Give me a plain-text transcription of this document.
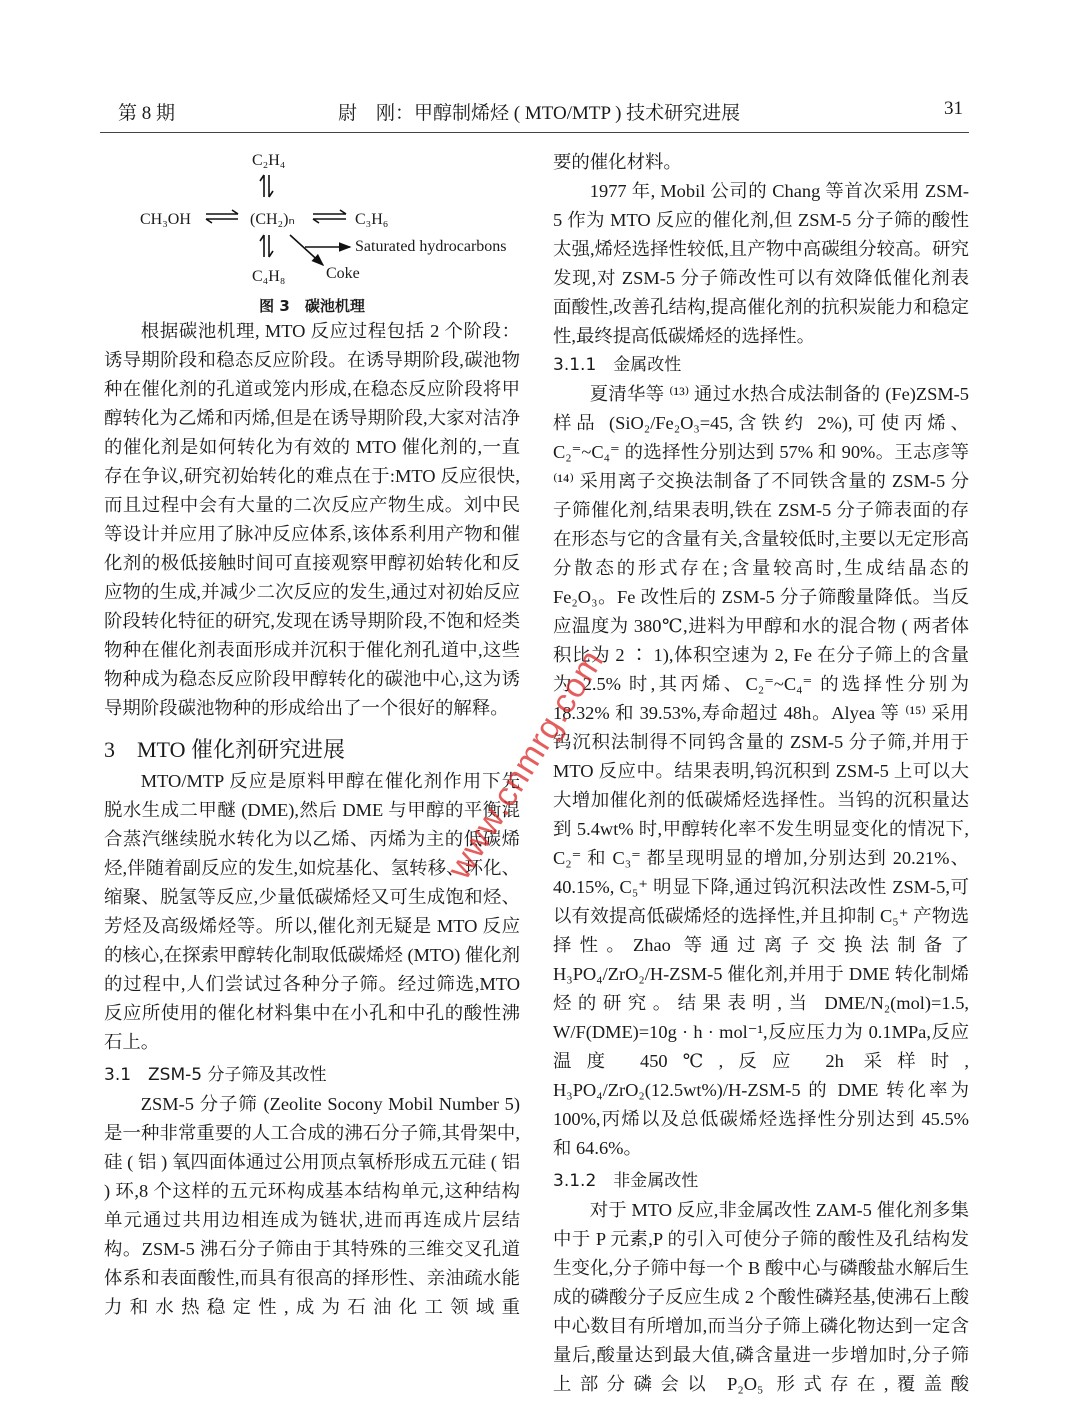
第 8 期	尉　刚：甲醇制烯烃 ( MTO/MTP ) 技术研究进展	31
C₂H₄
CH₃OH	(CH₂)ₙ	C₃H₆
Saturated hydrocarbons
C₄H₈	Coke
图 3　碳池机理

根据碳池机理, MTO 反应过程包括 2 个阶段：诱导期阶段和稳态反应阶段。在诱导期阶段,碳池物种在催化剂的孔道或笼内形成,在稳态反应阶段将甲醇转化为乙烯和丙烯,但是在诱导期阶段,大家对洁净的催化剂是如何转化为有效的 MTO 催化剂的,一直存在争议,研究初始转化的难点在于:MTO 反应很快,而且过程中会有大量的二次反应产物生成。刘中民等设计并应用了脉冲反应体系,该体系利用产物和催化剂的极低接触时间可直接观察甲醇初始转化和反应物的生成,并减少二次反应的发生,通过对初始反应阶段转化特征的研究,发现在诱导期阶段,不饱和烃类物种在催化剂表面形成并沉积于催化剂孔道中,这些物种成为稳态反应阶段甲醇转化的碳池中心,这为诱导期阶段碳池物种的形成给出了一个很好的解释。

3　MTO 催化剂研究进展

MTO/MTP 反应是原料甲醇在催化剂作用下先脱水生成二甲醚 (DME),然后 DME 与甲醇的平衡混合蒸汽继续脱水转化为以乙烯、丙烯为主的低碳烯烃,伴随着副反应的发生,如烷基化、氢转移、环化、缩聚、脱氢等反应,少量低碳烯烃又可生成饱和烃、芳烃及高级烯烃等。所以,催化剂无疑是 MTO 反应的核心,在探索甲醇转化制取低碳烯烃 (MTO) 催化剂的过程中,人们尝试过各种分子筛。经过筛选,MTO 反应所使用的催化材料集中在小孔和中孔的酸性沸石上。

3.1　ZSM-5 分子筛及其改性

ZSM-5 分子筛 (Zeolite Socony Mobil Number 5) 是一种非常重要的人工合成的沸石分子筛,其骨架中,硅 ( 铝 ) 氧四面体通过公用顶点氧桥形成五元硅 ( 铝 ) 环,8 个这样的五元环构成基本结构单元,这种结构单元通过共用边相连成为链状,进而再连成片层结构。ZSM-5 沸石分子筛由于其特殊的三维交叉孔道体系和表面酸性,而具有很高的择形性、亲油疏水能力和水热稳定性,成为石油化工领域重

要的催化材料。

1977 年, Mobil 公司的 Chang 等首次采用 ZSM-5 作为 MTO 反应的催化剂,但 ZSM-5 分子筛的酸性太强,烯烃选择性较低,且产物中高碳组分较高。研究发现,对 ZSM-5 分子筛改性可以有效降低催化剂表面酸性,改善孔结构,提高催化剂的抗积炭能力和稳定性,最终提高低碳烯烃的选择性。

3.1.1　金属改性

夏清华等 ⁽¹³⁾ 通过水热合成法制备的 (Fe)ZSM-5 样品 (SiO₂/Fe₂O₃=45,含铁约 2%),可使丙烯、C₂⁼~C₄⁼ 的选择性分别达到 57% 和 90%。王志彦等 ⁽¹⁴⁾ 采用离子交换法制备了不同铁含量的 ZSM-5 分子筛催化剂,结果表明,铁在 ZSM-5 分子筛表面的存在形态与它的含量有关,含量较低时,主要以无定形高分散态的形式存在;含量较高时,生成结晶态的 Fe₂O₃。Fe 改性后的 ZSM-5 分子筛酸量降低。当反应温度为 380℃,进料为甲醇和水的混合物 ( 两者体积比为 2 ∶ 1),体积空速为 2, Fe 在分子筛上的含量为 2.5% 时,其丙烯、C₂⁼~C₄⁼ 的选择性分别为 18.32% 和 39.53%,寿命超过 48h。Alyea 等 ⁽¹⁵⁾ 采用钨沉积法制得不同钨含量的 ZSM-5 分子筛,并用于 MTO 反应中。结果表明,钨沉积到 ZSM-5 上可以大大增加催化剂的低碳烯烃选择性。当钨的沉积量达到 5.4wt% 时,甲醇转化率不发生明显变化的情况下, C₂⁼ 和 C₃⁼ 都呈现明显的增加,分别达到 20.21%、40.15%, C₅⁺ 明显下降,通过钨沉积法改性 ZSM-5,可以有效提高低碳烯烃的选择性,并且抑制 C₅⁺ 产物选择性。Zhao 等通过离子交换法制备了 H₃PO₄/ZrO₂/H-ZSM-5 催化剂,并用于 DME 转化制烯烃的研究。结果表明,当 DME/N₂(mol)=1.5, W/F(DME)=10g · h · mol⁻¹,反应压力为 0.1MPa,反应温度 450℃,反应 2h 采样时, H₃PO₄/ZrO₂(12.5wt%)/H-ZSM-5 的 DME 转化率为 100%,丙烯以及总低碳烯烃选择性分别达到 45.5% 和 64.6%。

3.1.2　非金属改性

对于 MTO 反应,非金属改性 ZAM-5 催化剂多集中于 P 元素,P 的引入可使分子筛的酸性及孔结构发生变化,分子筛中每一个 B 酸中心与磷酸盐水解后生成的磷酸分子反应生成 2 个酸性磷羟基,使沸石上酸中心数目有所增加,而当分子筛上磷化物达到一定含量后,酸量达到最大值,磷含量进一步增加时,分子筛上部分磷会以 P₂O₅ 形式存在,覆盖酸

www.cnmrg.com
